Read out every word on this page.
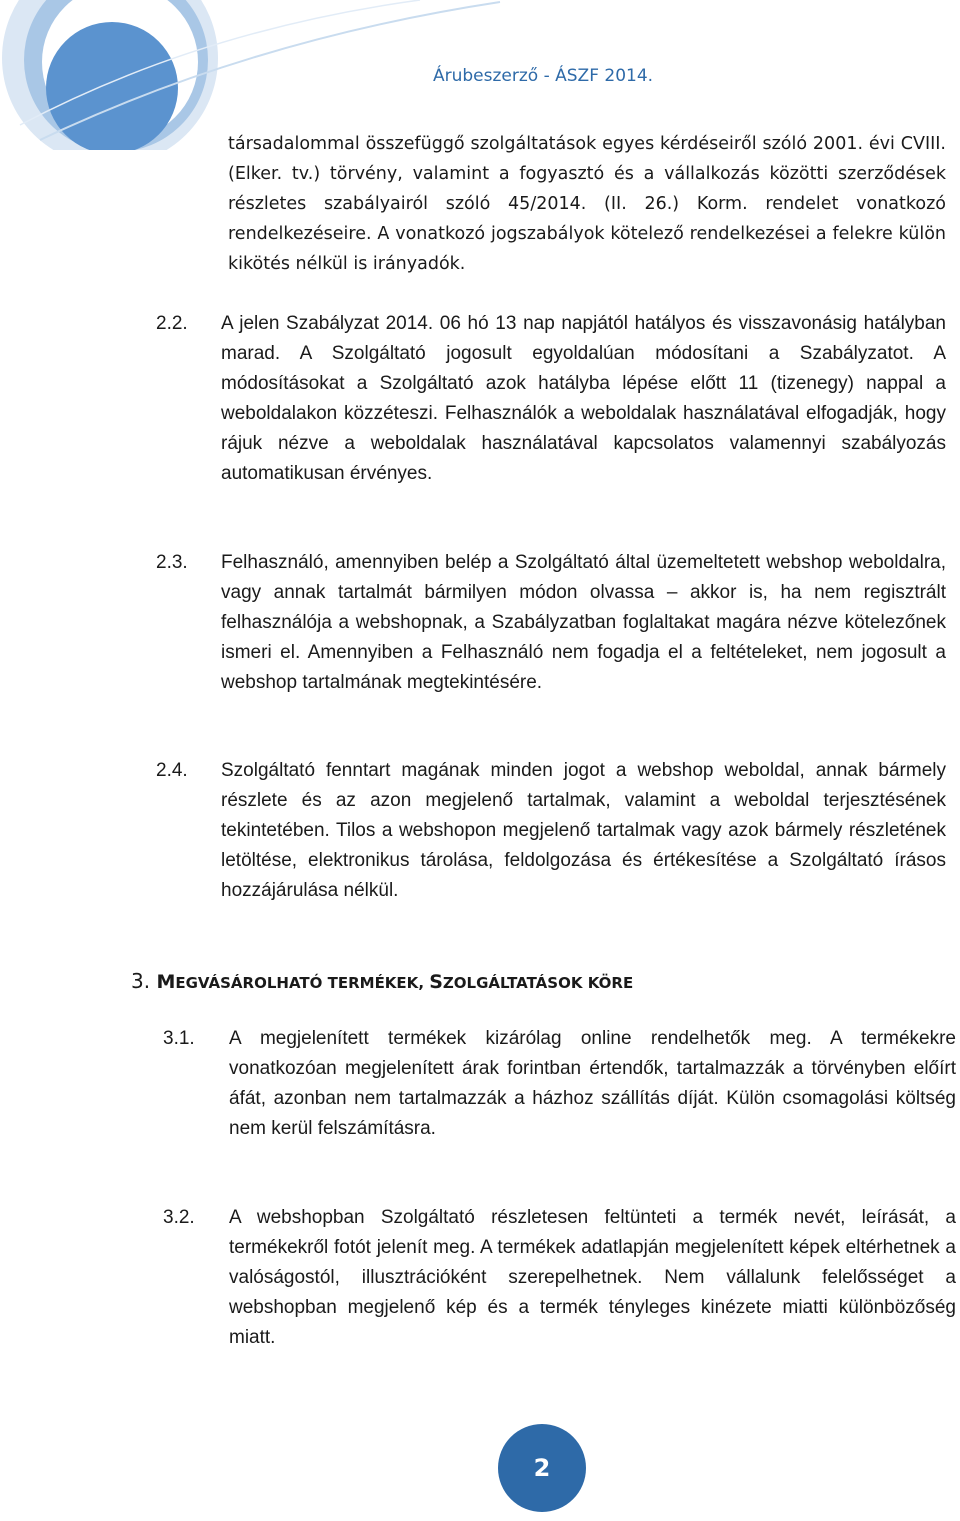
Árubeszerző - ÁSZF 2014.

társadalommal összefüggő szolgáltatások egyes kérdéseiről szóló 2001. évi CVIII. (Elker. tv.) törvény, valamint a fogyasztó és a vállalkozás közötti szerződések részletes szabályairól szóló 45/2014. (II. 26.) Korm. rendelet vonatkozó rendelkezéseire. A vonatkozó jogszabályok kötelező rendelkezései a felekre külön kikötés nélkül is irányadók.

2.2. A jelen Szabályzat 2014. 06 hó 13 nap napjától hatályos és visszavonásig hatályban marad. A Szolgáltató jogosult egyoldalúan módosítani a Szabályzatot. A módosításokat a Szolgáltató azok hatályba lépése előtt 11 (tizenegy) nappal a weboldalakon közzéteszi. Felhasználók a weboldalak használatával elfogadják, hogy rájuk nézve a weboldalak használatával kapcsolatos valamennyi szabályozás automatikusan érvényes.

2.3. Felhasználó, amennyiben belép a Szolgáltató által üzemeltetett webshop weboldalra, vagy annak tartalmát bármilyen módon olvassa – akkor is, ha nem regisztrált felhasználója a webshopnak, a Szabályzatban foglaltakat magára nézve kötelezőnek ismeri el. Amennyiben a Felhasználó nem fogadja el a feltételeket, nem jogosult a webshop tartalmának megtekintésére.

2.4. Szolgáltató fenntart magának minden jogot a webshop weboldal, annak bármely részlete és az azon megjelenő tartalmak, valamint a weboldal terjesztésének tekintetében. Tilos a webshopon megjelenő tartalmak vagy azok bármely részletének letöltése, elektronikus tárolása, feldolgozása és értékesítése a Szolgáltató írásos hozzájárulása nélkül.

3. MEGVÁSÁROLHATÓ TERMÉKEK, SZOLGÁLTATÁSOK KÖRE

3.1. A megjelenített termékek kizárólag online rendelhetők meg. A termékekre vonatkozóan megjelenített árak forintban értendők, tartalmazzák a törvényben előírt áfát, azonban nem tartalmazzák a házhoz szállítás díját. Külön csomagolási költség nem kerül felszámításra.

3.2. A webshopban Szolgáltató részletesen feltünteti a termék nevét, leírását, a termékekről fotót jelenít meg. A termékek adatlapján megjelenített képek eltérhetnek a valóságostól, illusztrációként szerepelhetnek. Nem vállalunk felelősséget a webshopban megjelenő kép és a termék tényleges kinézete miatti különbözőség miatt.

2
